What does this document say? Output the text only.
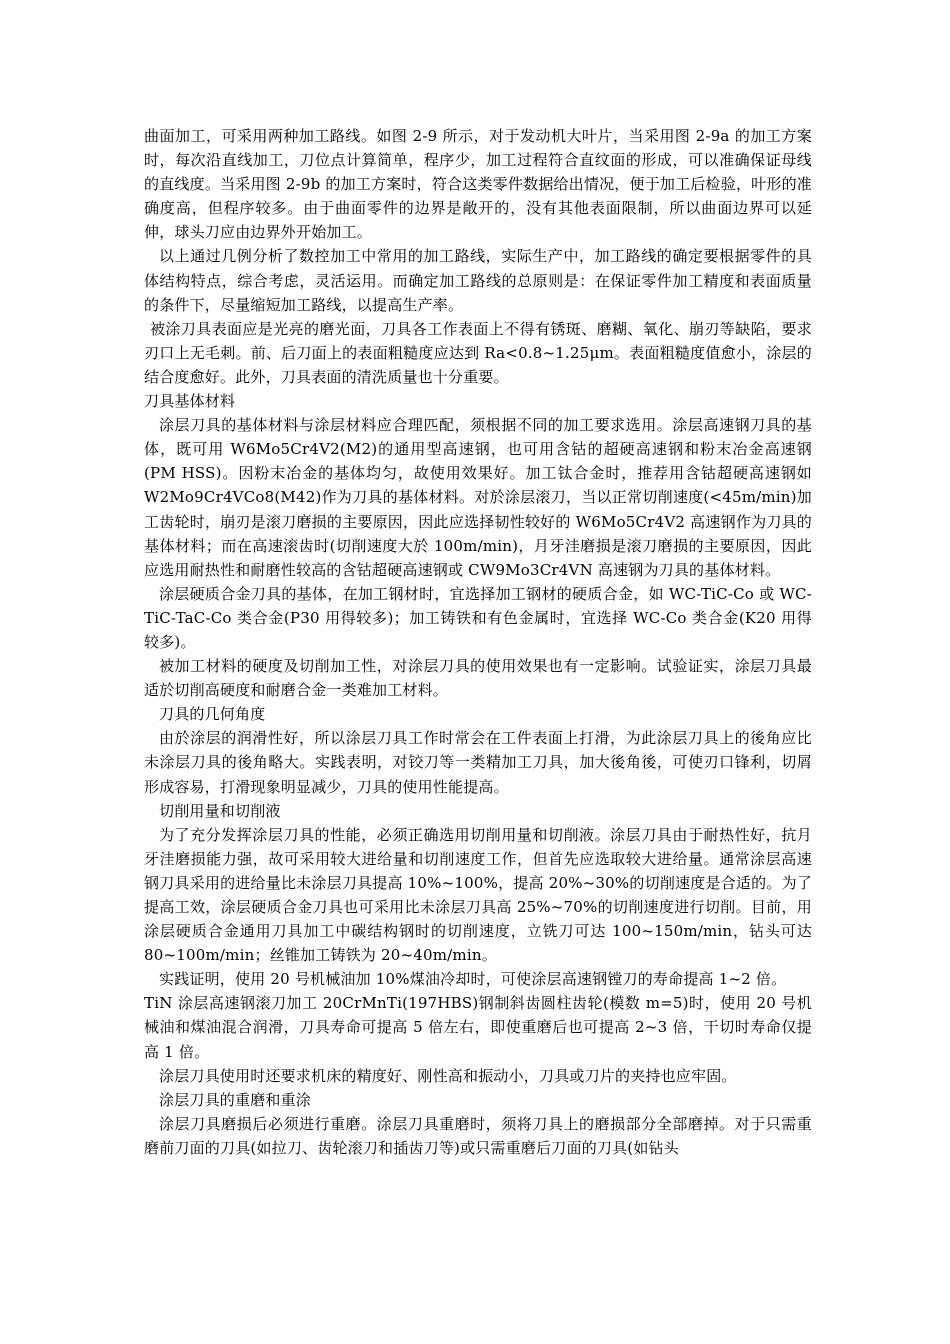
曲面加工，可采用两种加工路线。如图 2-9 所示，对于发动机大叶片，当采用图 2-9a 的加工方案时，每次沿直线加工，刀位点计算简单，程序少，加工过程符合直纹面的形成，可以准确保证母线的直线度。当采用图 2-9b 的加工方案时，符合这类零件数据给出情况，便于加工后检验，叶形的准确度高，但程序较多。由于曲面零件的边界是敞开的，没有其他表面限制，所以曲面边界可以延伸，球头刀应由边界外开始加工。

以上通过几例分析了数控加工中常用的加工路线，实际生产中，加工路线的确定要根据零件的具体结构特点，综合考虑，灵活运用。而确定加工路线的总原则是：在保证零件加工精度和表面质量的条件下，尽量缩短加工路线，以提高生产率。

被涂刀具表面应是光亮的磨光面，刀具各工作表面上不得有锈斑、磨糊、氧化、崩刃等缺陷，要求刃口上无毛刺。前、后刀面上的表面粗糙度应达到 Ra<0.8~1.25μm。表面粗糙度值愈小，涂层的结合度愈好。此外，刀具表面的清洗质量也十分重要。

刀具基体材料

涂层刀具的基体材料与涂层材料应合理匹配，须根据不同的加工要求选用。涂层高速钢刀具的基体，既可用 W6Mo5Cr4V2(M2)的通用型高速钢，也可用含钴的超硬高速钢和粉末冶金高速钢(PM HSS)。因粉末冶金的基体均匀，故使用效果好。加工钛合金时，推荐用含钴超硬高速钢如 W2Mo9Cr4VCo8(M42)作为刀具的基体材料。对於涂层滚刀，当以正常切削速度(<45m/min)加工齿轮时，崩刃是滚刀磨损的主要原因，因此应选择韧性较好的 W6Mo5Cr4V2 高速钢作为刀具的基体材料；而在高速滚齿时(切削速度大於 100m/min)，月牙洼磨损是滚刀磨损的主要原因，因此应选用耐热性和耐磨性较高的含钴超硬高速钢或 CW9Mo3Cr4VN 高速钢为刀具的基体材料。

涂层硬质合金刀具的基体，在加工钢材时，宜选择加工钢材的硬质合金，如 WC-TiC-Co 或 WC-TiC-TaC-Co 类合金(P30 用得较多)；加工铸铁和有色金属时，宜选择 WC-Co 类合金(K20 用得较多)。

被加工材料的硬度及切削加工性，对涂层刀具的使用效果也有一定影响。试验证实，涂层刀具最适於切削高硬度和耐磨合金一类难加工材料。

刀具的几何角度

由於涂层的润滑性好，所以涂层刀具工作时常会在工件表面上打滑，为此涂层刀具上的後角应比未涂层刀具的後角略大。实践表明，对铰刀等一类精加工刀具，加大後角後，可使刃口锋利，切屑形成容易，打滑现象明显减少，刀具的使用性能提高。

切削用量和切削液

为了充分发挥涂层刀具的性能，必须正确选用切削用量和切削液。涂层刀具由于耐热性好，抗月牙洼磨损能力强，故可采用较大进给量和切削速度工作，但首先应选取较大进给量。通常涂层高速钢刀具采用的进给量比未涂层刀具提高 10%~100%，提高 20%~30%的切削速度是合适的。为了提高工效，涂层硬质合金刀具也可采用比未涂层刀具高 25%~70%的切削速度进行切削。目前，用涂层硬质合金通用刀具加工中碳结构钢时的切削速度，立铣刀可达 100~150m/min，钻头可达 80~100m/min；丝锥加工铸铁为 20~40m/min。

实践证明，使用 20 号机械油加 10%煤油冷却时，可使涂层高速钢镗刀的寿命提高 1~2 倍。

TiN 涂层高速钢滚刀加工 20CrMnTi(197HBS)钢制斜齿圆柱齿轮(模数 m=5)时，使用 20 号机械油和煤油混合润滑，刀具寿命可提高 5 倍左右，即使重磨后也可提高 2~3 倍，干切时寿命仅提高 1 倍。

涂层刀具使用时还要求机床的精度好、刚性高和振动小，刀具或刀片的夹持也应牢固。

涂层刀具的重磨和重涂

涂层刀具磨损后必须进行重磨。涂层刀具重磨时，须将刀具上的磨损部分全部磨掉。对于只需重磨前刀面的刀具(如拉刀、齿轮滚刀和插齿刀等)或只需重磨后刀面的刀具(如钻头
